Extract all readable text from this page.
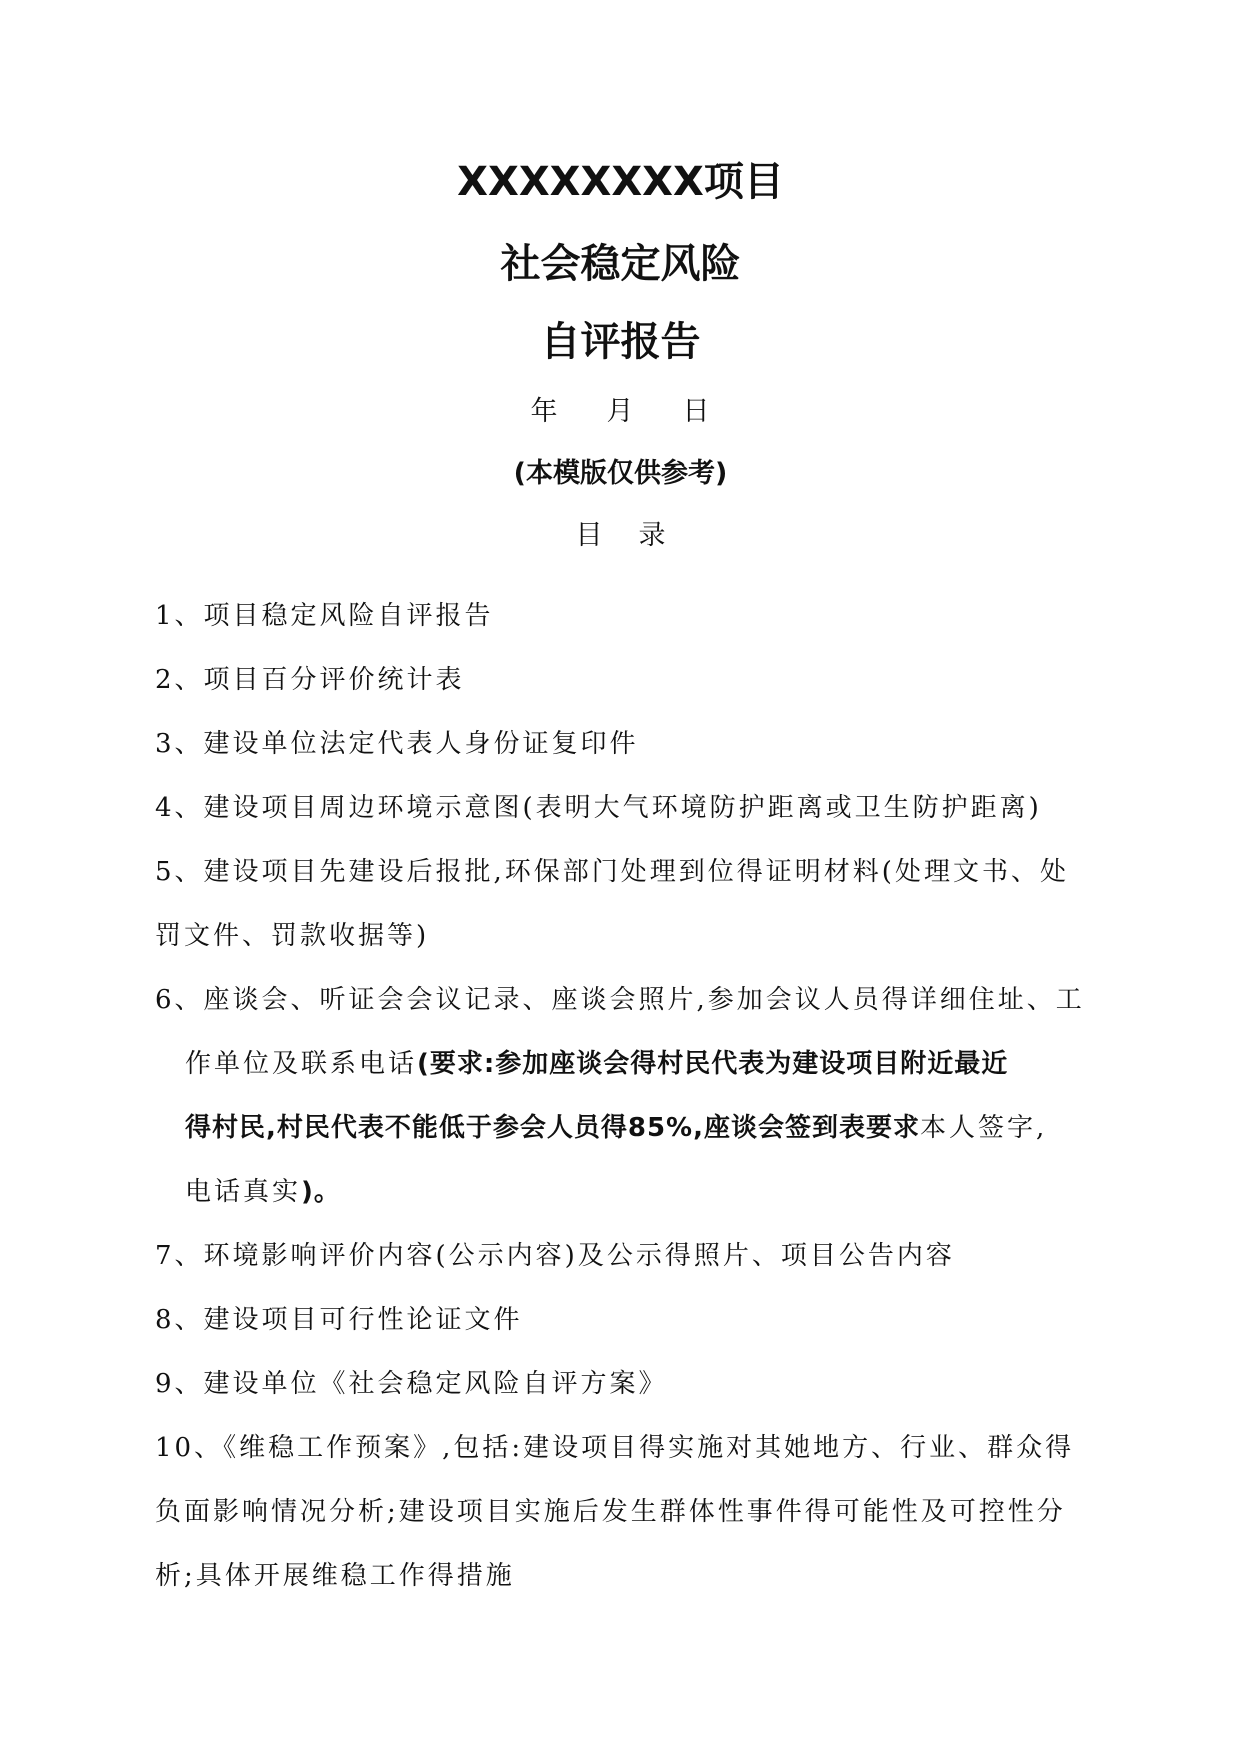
XXXXXXXX项目
社会稳定风险
自评报告

年 月 日

(本模版仅供参考)

目 录

1、项目稳定风险自评报告
2、项目百分评价统计表
3、建设单位法定代表人身份证复印件
4、建设项目周边环境示意图(表明大气环境防护距离或卫生防护距离)
5、建设项目先建设后报批,环保部门处理到位得证明材料(处理文书、处罚文件、罚款收据等)

6、座谈会、听证会会议记录、座谈会照片,参加会议人员得详细住址、工

作单位及联系电话(要求:参加座谈会得村民代表为建设项目附近最近

得村民,村民代表不能低于参会人员得85%,座谈会签到表要求本人签字,

电话真实)。

7、环境影响评价内容(公示内容)及公示得照片、项目公告内容
8、建设项目可行性论证文件
9、建设单位《社会稳定风险自评方案》
10、《维稳工作预案》,包括:建设项目得实施对其她地方、行业、群众得负面影响情况分析;建设项目实施后发生群体性事件得可能性及可控性分析;具体开展维稳工作得措施
